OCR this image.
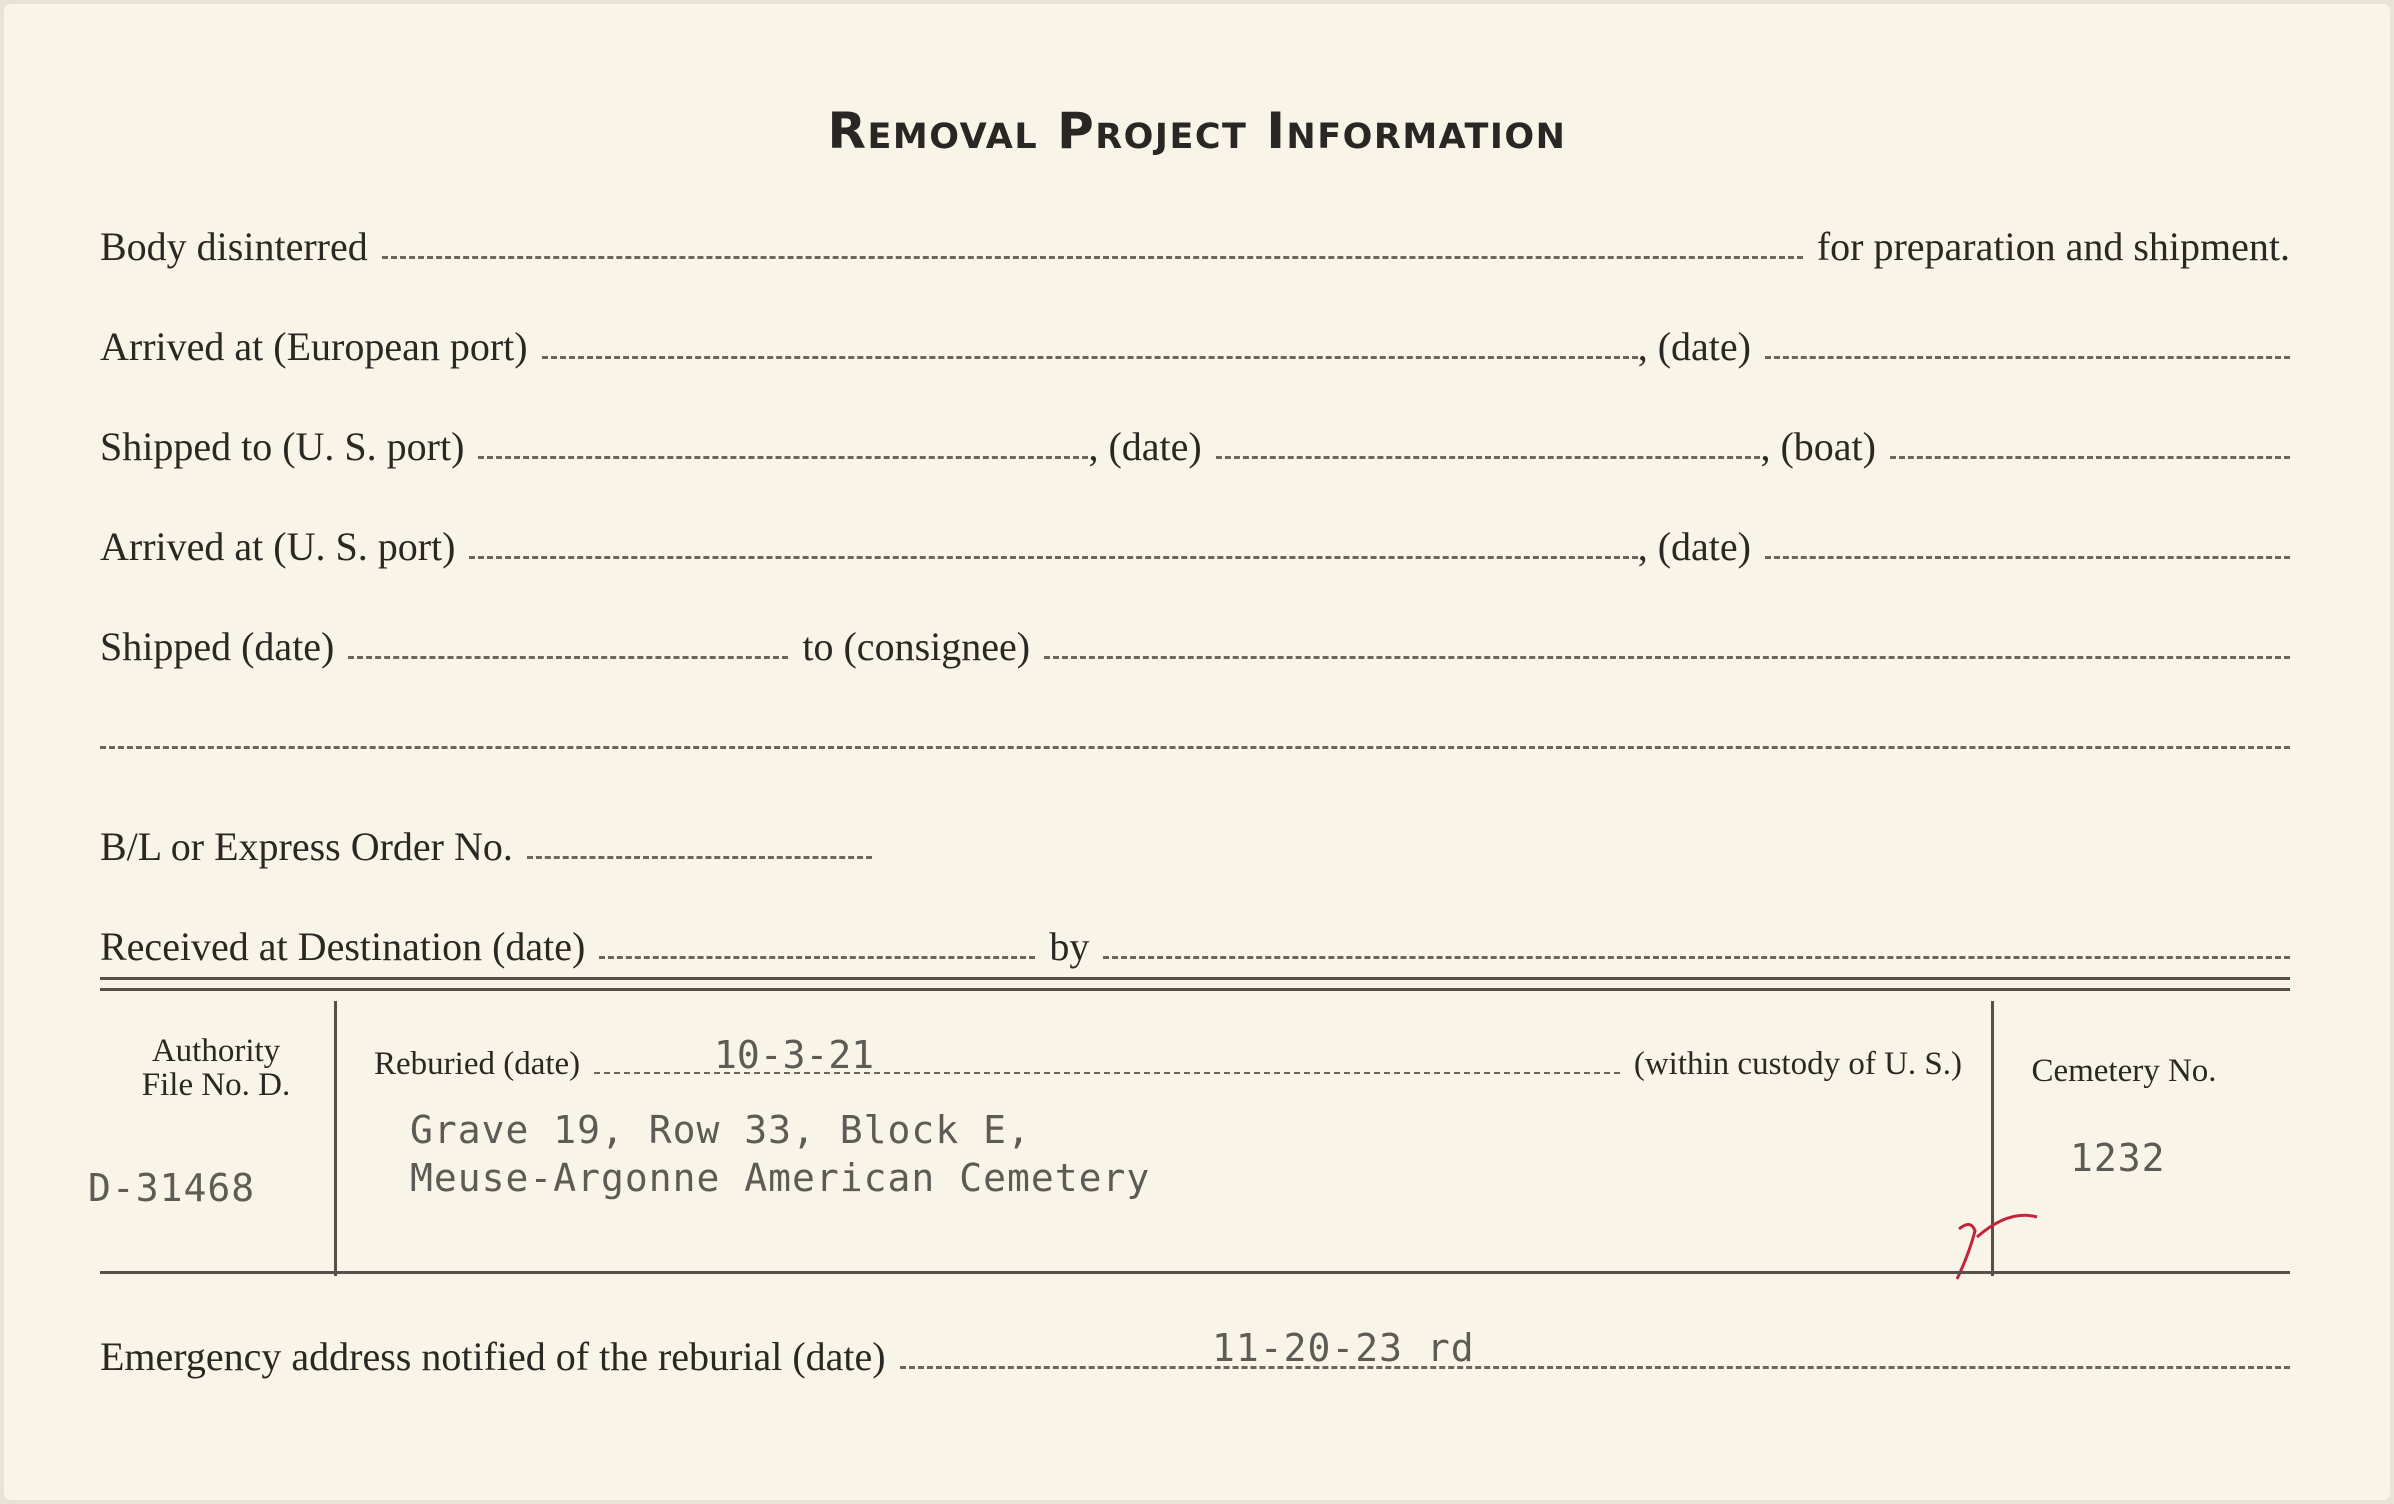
Removal Project Information
Body disinterred	for preparation and shipment.
Arrived at (European port)	, (date)
Shipped to (U. S. port)	, (date)	, (boat)
Arrived at (U. S. port)	, (date)
Shipped (date)	to (consignee)
B/L or Express Order No.
Received at Destination (date)	by
Authority
File No. D.
D-31468
Reburied (date)	(within custody of U. S.)
10-3-21
Grave 19, Row 33, Block E,
Meuse-Argonne American Cemetery
Cemetery No.
1232
Emergency address notified of the reburial (date)	11-20-23 rd
